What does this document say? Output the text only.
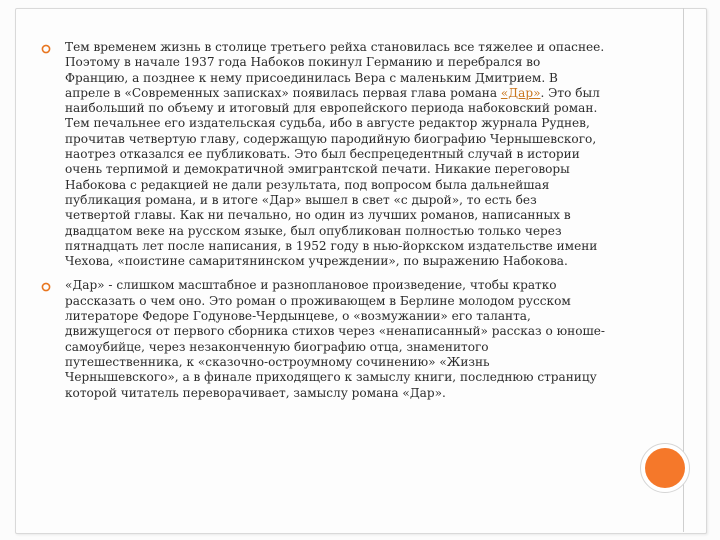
Тем временем жизнь в столице третьего рейха становилась все тяжелее и опаснее. Поэтому в начале 1937 года Набоков покинул Германию и перебрался во Францию, а позднее к нему присоединилась Вера с маленьким Дмитрием. В апреле в «Современных записках» появилась первая глава романа «Дар». Это был наибольший по объему и итоговый для европейского периода набоковский роман. Тем печальнее его издательская судьба, ибо в августе редактор журнала Руднев, прочитав четвертую главу, содержащую пародийную биографию Чернышевского, наотрез отказался ее публиковать. Это был беспрецедентный случай в истории очень терпимой и демократичной эмигрантской печати. Никакие переговоры Набокова с редакцией не дали результата, под вопросом была дальнейшая публикация романа, и в итоге «Дар» вышел в свет «с дырой», то есть без четвертой главы. Как ни печально, но один из лучших романов, написанных в двадцатом веке на русском языке, был опубликован полностью только через пятнадцать лет после написания, в 1952 году в нью-йоркском издательстве имени Чехова, «поистине самаритянинском учреждении», по выражению Набокова.

«Дар» - слишком масштабное и разноплановое произведение, чтобы кратко рассказать о чем оно. Это роман о проживающем в Берлине молодом русском литераторе Федоре Годунове-Чердынцеве, о «возмужании» его таланта, движущегося от первого сборника стихов через «ненаписанный» рассказ о юноше-самоубийце, через незаконченную биографию отца, знаменитого путешественника, к «сказочно-остроумному сочинению» «Жизнь Чернышевского», а в финале приходящего к замыслу книги, последнюю страницу которой читатель переворачивает, замыслу романа «Дар».
